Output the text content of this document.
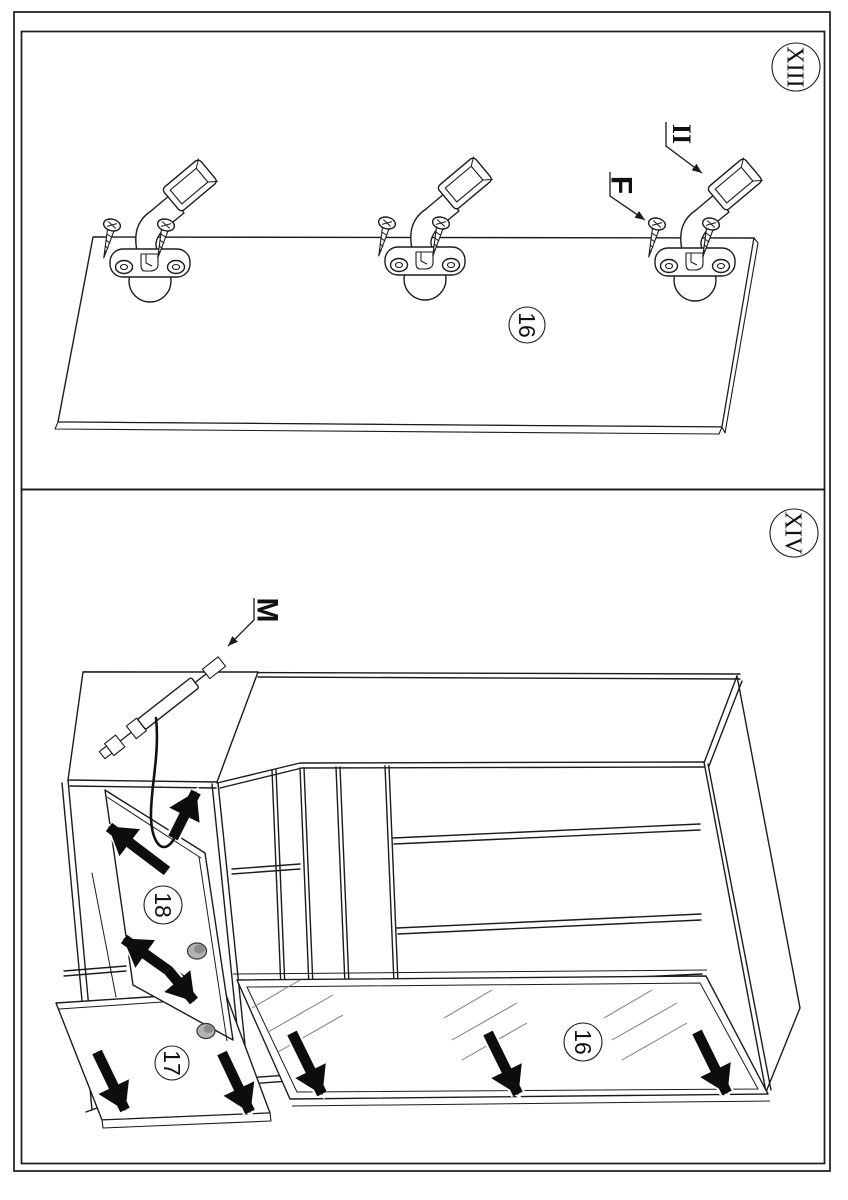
XIII
16
F
II
XIV
16
17
18
M
